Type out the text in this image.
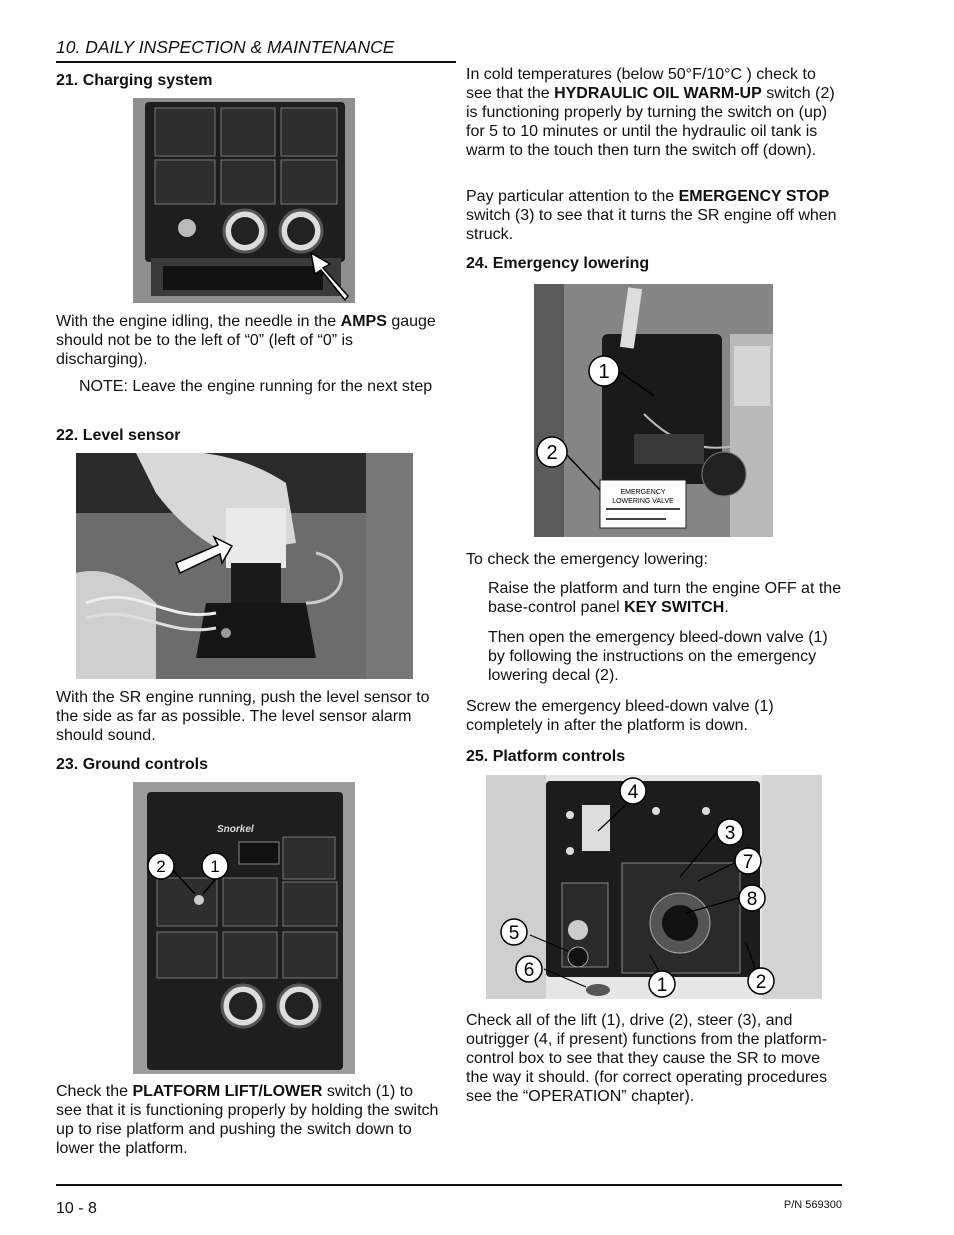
10. DAILY INSPECTION & MAINTENANCE
21. Charging system

With the engine idling, the needle in the AMPS gauge should not be to the left of “0” (left of “0” is discharging).

NOTE: Leave the engine running for the next step

22. Level sensor

With the SR engine running, push the level sensor to the side as far as possible. The level sensor alarm should sound.

23. Ground controls
Snorkel
2	1

Check the PLATFORM LIFT/LOWER switch (1) to see that it is functioning properly by holding the switch up to rise platform and pushing the switch down to lower the platform.

In cold temperatures (below 50°F/10°C ) check to see that the HYDRAULIC OIL WARM-UP switch (2) is functioning properly by turning the switch on (up) for 5 to 10 minutes or until the hydraulic oil tank is warm to the touch then turn the switch off (down).

Pay particular attention to the EMERGENCY STOP switch (3) to see that it turns the SR engine off when struck.

24. Emergency lowering
EMERGENCY
LOWERING VALVE
1
2

To check the emergency lowering:

Raise the platform and turn the engine OFF at the base-control panel KEY SWITCH.

Then open the emergency bleed-down valve (1) by following the instructions on the emergency lowering decal (2).

Screw the emergency bleed-down valve (1) completely in after the platform is down.

25. Platform controls
4
3
7
8
5
6
1	2

Check all of the lift (1), drive (2), steer (3), and outrigger (4, if present) functions from the platform-control box to see that they cause the SR to move the way it should. (for correct operating procedures see the “OPERATION” chapter).

10 - 8	P/N 569300
